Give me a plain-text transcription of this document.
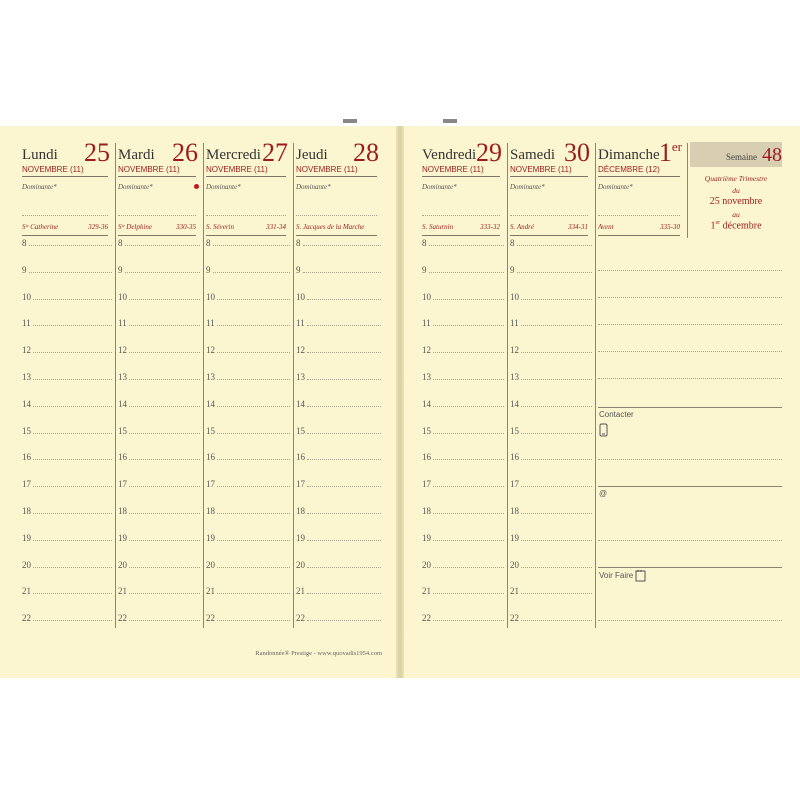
Lundi 25
NOVEMBRE (11)
Dominante*
Sᵗᵉ Catherine	329-36
Mardi 26
NOVEMBRE (11)
Dominante*
Sᵗᵉ Delphine	330-35
Mercredi 27
NOVEMBRE (11)
Dominante*
S. Séverin	331-34
Jeudi 28
NOVEMBRE (11)
Dominante*
S. Jacques de la Marche
Vendredi 29
NOVEMBRE (11)
Dominante*
S. Saturnin	333-32
Samedi 30
NOVEMBRE (11)
Dominante*
S. André	334-31
Dimanche 1er
DÉCEMBRE (12)
Dominante*
Avent	335-30
8
9
10
11
12
13
14
15
16
17
18
19
20
21
22
8
9
10
11
12
13
14
15
16
17
18
19
20
21
22
8
9
10
11
12
13
14
15
16
17
18
19
20
21
22
8
9
10
11
12
13
14
15
16
17
18
19
20
21
22
8
9
10
11
12
13
14
15
16
17
18
19
20
21
22
8
9
10
11
12
13
14
15
16
17
18
19
20
21
22
Semaine 48
Quatrième Trimestre
du
25 novembre
au
1er décembre
Contacter
@
Voir Faire
Randonnée® Prestige - www.quovadis1954.com
